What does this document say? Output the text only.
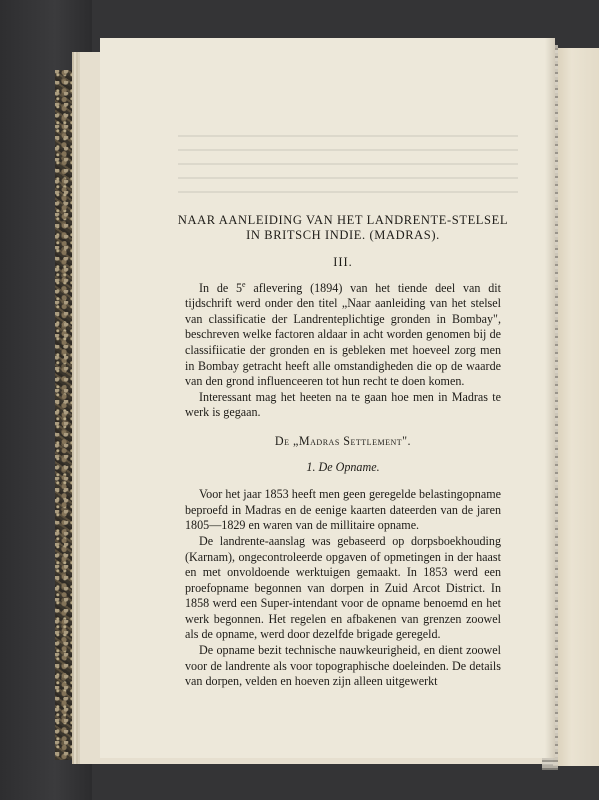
NAAR AANLEIDING VAN HET LANDRENTE-STELSEL
IN BRITSCH INDIE. (MADRAS).
III.

In de 5e aflevering (1894) van het tiende deel van dit tijdschrift werd onder den titel „Naar aanleiding van het stelsel van classificatie der Landrenteplichtige gronden in Bombay", beschreven welke factoren aldaar in acht worden genomen bij de classifiicatie der gronden en is gebleken met hoeveel zorg men in Bombay getracht heeft alle omstandigheden die op de waarde van den grond influenceeren tot hun recht te doen komen.

Interessant mag het heeten na te gaan hoe men in Madras te werk is gegaan.

De „Madras Settlement".
1. De Opname.

Voor het jaar 1853 heeft men geen geregelde belastingopname beproefd in Madras en de eenige kaarten dateerden van de jaren 1805—1829 en waren van de millitaire opname.

De landrente-aanslag was gebaseerd op dorpsboekhouding (Karnam), ongecontroleerde opgaven of opmetingen in der haast en met onvoldoende werktuigen gemaakt. In 1853 werd een proefopname begonnen van dorpen in Zuid Arcot District. In 1858 werd een Super-intendant voor de opname benoemd en het werk begonnen. Het regelen en afbakenen van grenzen zoowel als de opname, werd door dezelfde brigade geregeld.

De opname bezit technische nauwkeurigheid, en dient zoowel voor de landrente als voor topographische doeleinden. De details van dorpen, velden en hoeven zijn alleen uitgewerkt
